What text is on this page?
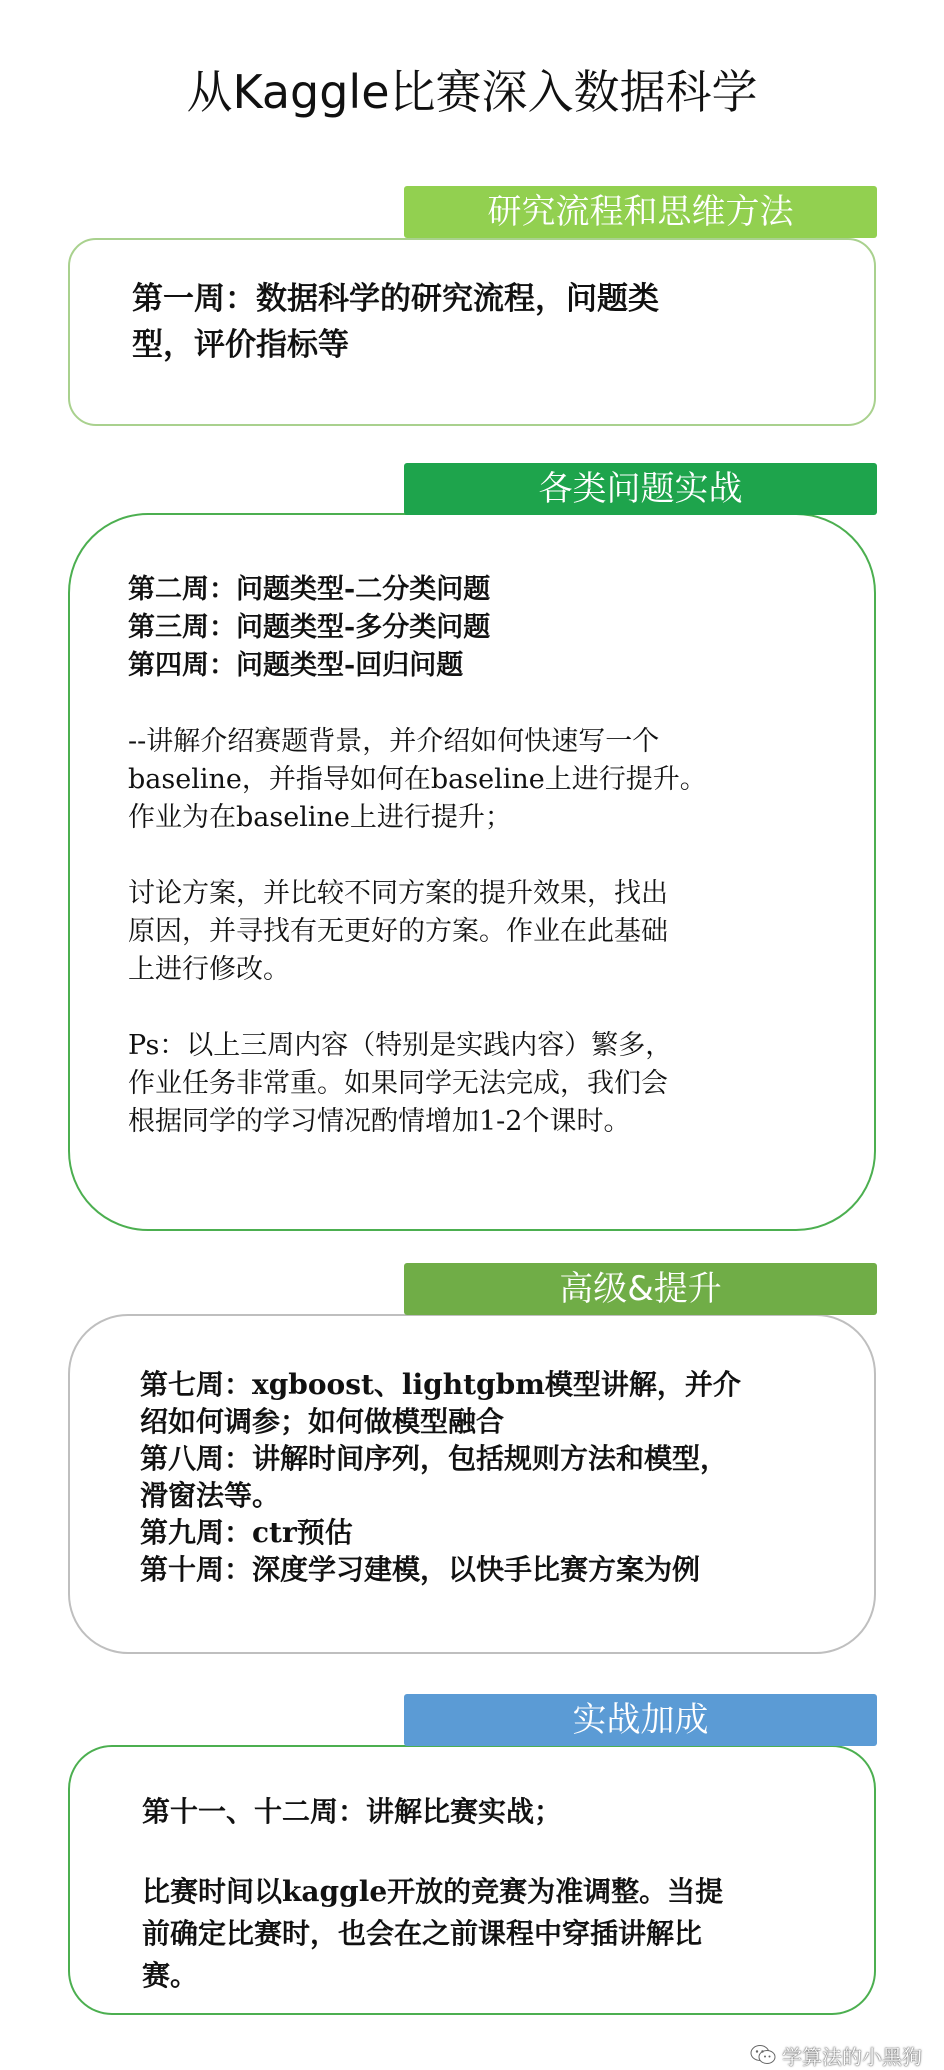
从Kaggle比赛深入数据科学
研究流程和思维方法
第一周：数据科学的研究流程，问题类
型，评价指标等
各类问题实战
第二周：问题类型-二分类问题
第三周：问题类型-多分类问题
第四周：问题类型-回归问题
--讲解介绍赛题背景，并介绍如何快速写一个
baseline，并指导如何在baseline上进行提升。
作业为在baseline上进行提升；
讨论方案，并比较不同方案的提升效果，找出
原因，并寻找有无更好的方案。作业在此基础
上进行修改。
Ps：以上三周内容（特别是实践内容）繁多，
作业任务非常重。如果同学无法完成，我们会
根据同学的学习情况酌情增加1-2个课时。
高级&提升
第七周：xgboost、lightgbm模型讲解，并介
绍如何调参；如何做模型融合
第八周：讲解时间序列，包括规则方法和模型，
滑窗法等。
第九周：ctr预估
第十周：深度学习建模，以快手比赛方案为例
实战加成
第十一、十二周：讲解比赛实战；
比赛时间以kaggle开放的竞赛为准调整。当提
前确定比赛时，也会在之前课程中穿插讲解比
赛。
学算法的小黑狗
